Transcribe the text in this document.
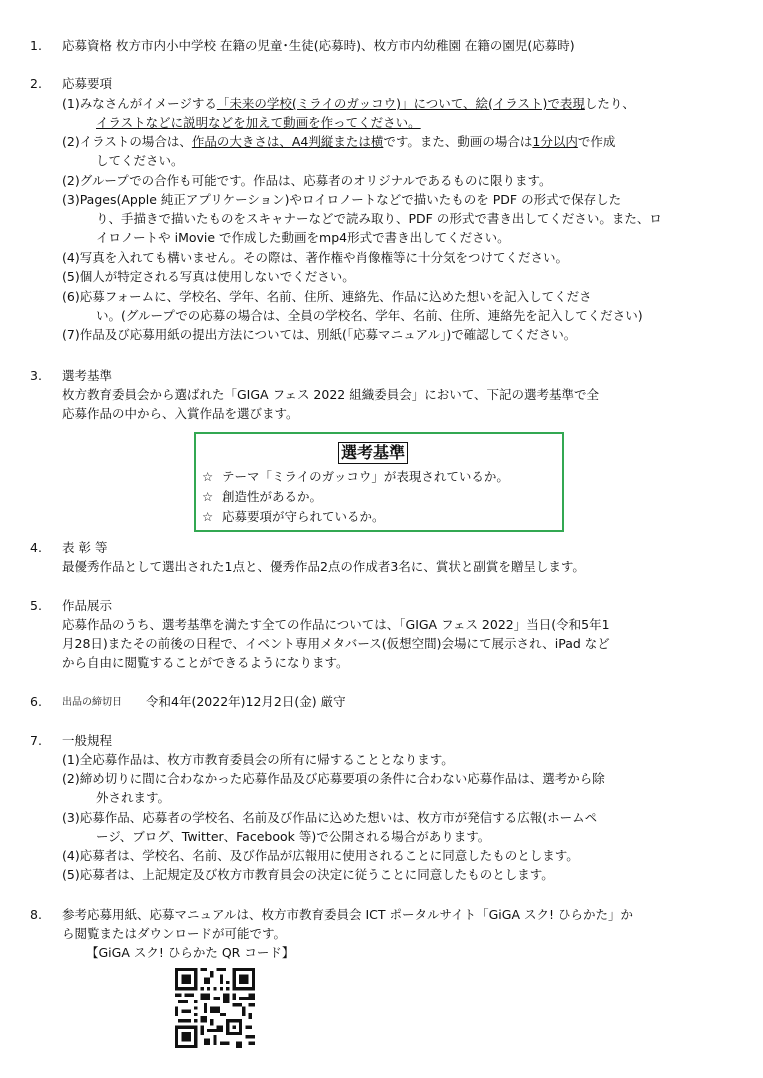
1. 応募資格 枚方市内小中学校 在籍の児童･生徒(応募時)、枚方市内幼稚園 在籍の園児(応募時)
2. 応募要項
(1)みなさんがイメージする「未来の学校(ミライのガッコウ)」について、絵(イラスト)で表現したり、
イラストなどに説明などを加えて動画を作ってください。
(2)イラストの場合は、作品の大きさは、A4判縦または横です。また、動画の場合は1分以内で作成
してください。
(2)グループでの合作も可能です。作品は、応募者のオリジナルであるものに限ります。
(3)Pages(Apple 純正アプリケーション)やロイロノートなどで描いたものを PDF の形式で保存した
り、手描きで描いたものをスキャナーなどで読み取り、PDF の形式で書き出してください。また、ロ
イロノートや iMovie で作成した動画をmp4形式で書き出してください。
(4)写真を入れても構いません。その際は、著作権や肖像権等に十分気をつけてください。
(5)個人が特定される写真は使用しないでください。
(6)応募フォームに、学校名、学年、名前、住所、連絡先、作品に込めた想いを記入してくださ
い。(グループでの応募の場合は、全員の学校名、学年、名前、住所、連絡先を記入してください)
(7)作品及び応募用紙の提出方法については、別紙(「応募マニュアル」)で確認してください。
3. 選考基準
枚方教育委員会から選ばれた「GIGA フェス 2022 組織委員会」において、下記の選考基準で全
応募作品の中から、入賞作品を選びます。
選考基準
☆ テーマ「ミライのガッコウ」が表現されているか。
☆ 創造性があるか。
☆ 応募要項が守られているか。
4. 表 彰 等
最優秀作品として選出された1点と、優秀作品2点の作成者3名に、賞状と副賞を贈呈します。
5. 作品展示
応募作品のうち、選考基準を満たす全ての作品については、「GIGA フェス 2022」当日(令和5年1
月28日)またその前後の日程で、イベント専用メタバース(仮想空間)会場にて展示され、iPad など
から自由に閲覧することができるようになります。
6. 出品の締切日 令和4年(2022年)12月2日(金) 厳守
7. 一般規程
(1)全応募作品は、枚方市教育委員会の所有に帰することとなります。
(2)締め切りに間に合わなかった応募作品及び応募要項の条件に合わない応募作品は、選考から除
外されます。
(3)応募作品、応募者の学校名、名前及び作品に込めた想いは、枚方市が発信する広報(ホームペ
ージ、ブログ、Twitter、Facebook 等)で公開される場合があります。
(4)応募者は、学校名、名前、及び作品が広報用に使用されることに同意したものとします。
(5)応募者は、上記規定及び枚方市教育員会の決定に従うことに同意したものとします。
8. 参考応募用紙、応募マニュアルは、枚方市教育委員会 ICT ポータルサイト「GiGA スク! ひらかた」か
ら閲覧またはダウンロードが可能です。
【GiGA スク! ひらかた QR コード】
